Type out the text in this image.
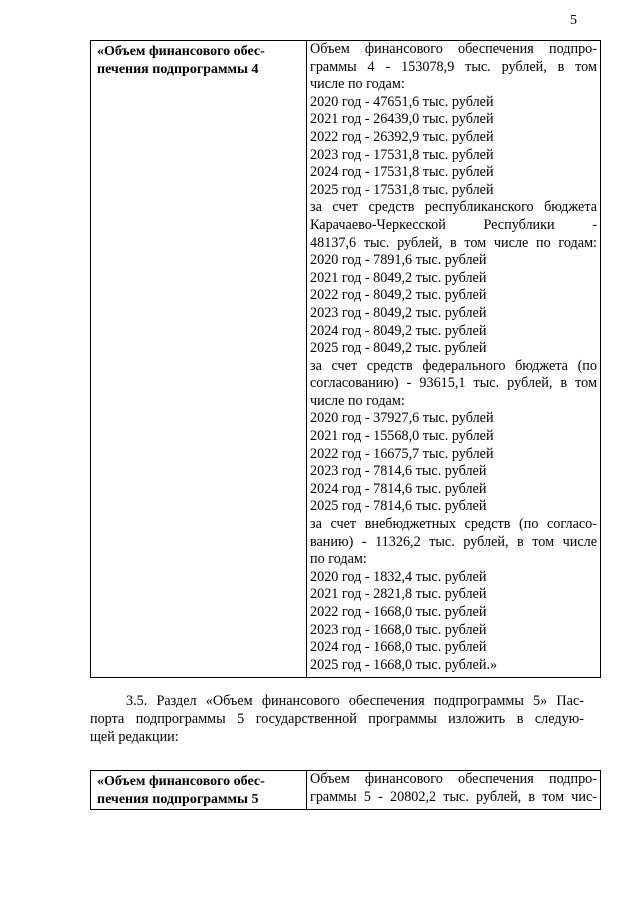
5
«Объем финансового обес-
печения подпрограммы 4

Объем финансового обеспечения подпро-
граммы 4 - 153078,9 тыс. рублей, в том
числе по годам:
2020 год - 47651,6 тыс. рублей
2021 год - 26439,0 тыс. рублей
2022 год - 26392,9 тыс. рублей
2023 год - 17531,8 тыс. рублей
2024 год - 17531,8 тыс. рублей
2025 год - 17531,8 тыс. рублей
за счет средств республиканского бюджета
Карачаево-Черкесской Республики -
48137,6 тыс. рублей, в том числе по годам:
2020 год - 7891,6 тыс. рублей
2021 год - 8049,2 тыс. рублей
2022 год - 8049,2 тыс. рублей
2023 год - 8049,2 тыс. рублей
2024 год - 8049,2 тыс. рублей
2025 год - 8049,2 тыс. рублей
за счет средств федерального бюджета (по
согласованию) - 93615,1 тыс. рублей, в том
числе по годам:
2020 год - 37927,6 тыс. рублей
2021 год - 15568,0 тыс. рублей
2022 год - 16675,7 тыс. рублей
2023 год - 7814,6 тыс. рублей
2024 год - 7814,6 тыс. рублей
2025 год - 7814,6 тыс. рублей
за счет внебюджетных средств (по согласо-
ванию) - 11326,2 тыс. рублей, в том числе
по годам:
2020 год - 1832,4 тыс. рублей
2021 год - 2821,8 тыс. рублей
2022 год - 1668,0 тыс. рублей
2023 год - 1668,0 тыс. рублей
2024 год - 1668,0 тыс. рублей
2025 год - 1668,0 тыс. рублей.»
3.5. Раздел «Объем финансового обеспечения подпрограммы 5» Пас-
порта подпрограммы 5 государственной программы изложить в следую-
щей редакции:
«Объем финансового обес-
печения подпрограммы 5

Объем финансового обеспечения подпро-
граммы 5 - 20802,2 тыс. рублей, в том чис-
